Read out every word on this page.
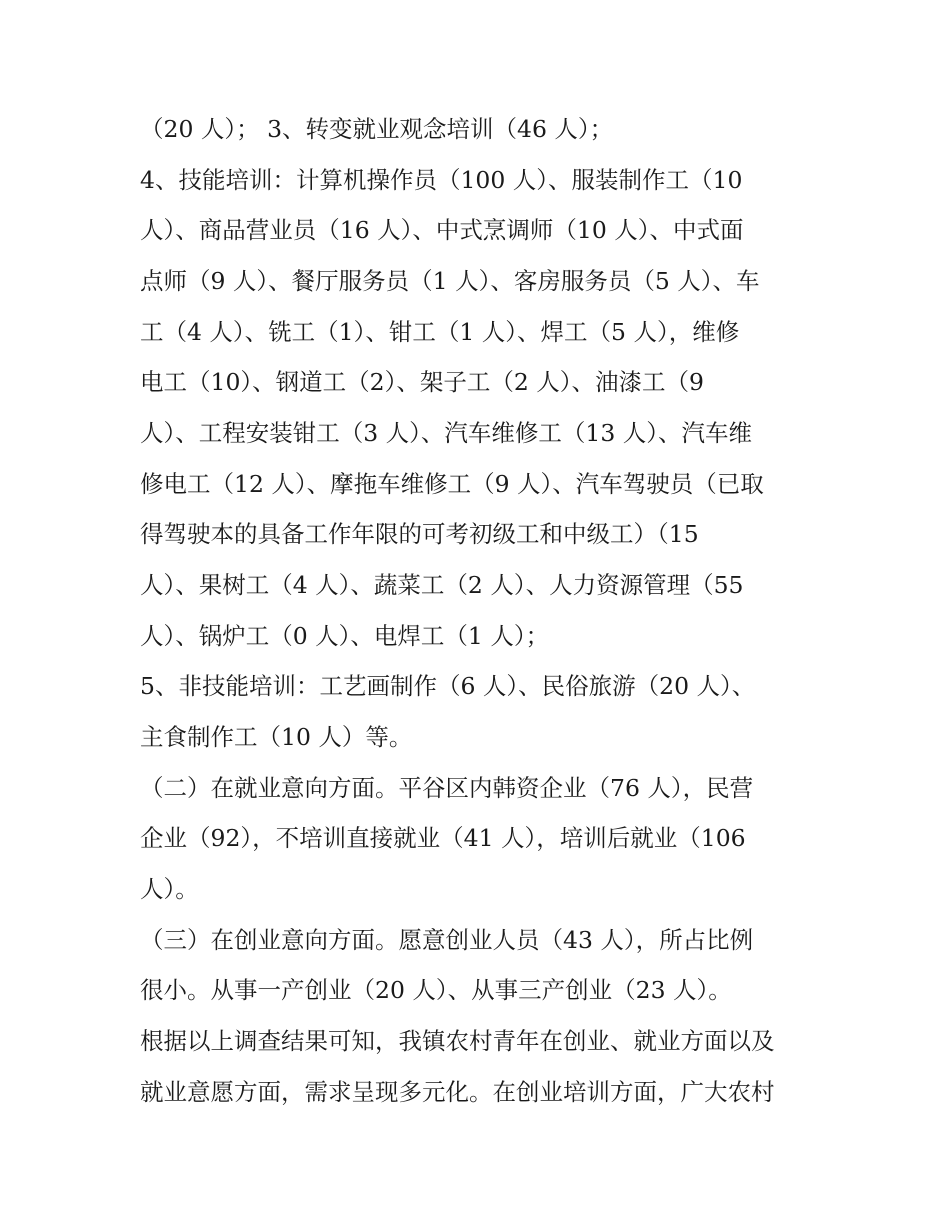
（20 人）； 3、转变就业观念培训（46 人）；
4、技能培训：计算机操作员（100 人）、服装制作工（10
人）、商品营业员（16 人）、中式烹调师（10 人）、中式面
点师（9 人）、餐厅服务员（1 人）、客房服务员（5 人）、车
工（4 人）、铣工（1）、钳工（1 人）、焊工（5 人），维修
电工（10）、钢道工（2）、架子工（2 人）、油漆工（9
人）、工程安装钳工（3 人）、汽车维修工（13 人）、汽车维
修电工（12 人）、摩拖车维修工（9 人）、汽车驾驶员（已取
得驾驶本的具备工作年限的可考初级工和中级工）（15
人）、果树工（4 人）、蔬菜工（2 人）、人力资源管理（55
人）、锅炉工（0 人）、电焊工（1 人）；
5、非技能培训：工艺画制作（6 人）、民俗旅游（20 人）、
主食制作工（10 人）等。
（二）在就业意向方面。平谷区内韩资企业（76 人），民营
企业（92），不培训直接就业（41 人），培训后就业（106
人）。
（三）在创业意向方面。愿意创业人员（43 人），所占比例
很小。从事一产创业（20 人）、从事三产创业（23 人）。
根据以上调查结果可知，我镇农村青年在创业、就业方面以及
就业意愿方面，需求呈现多元化。在创业培训方面，广大农村
